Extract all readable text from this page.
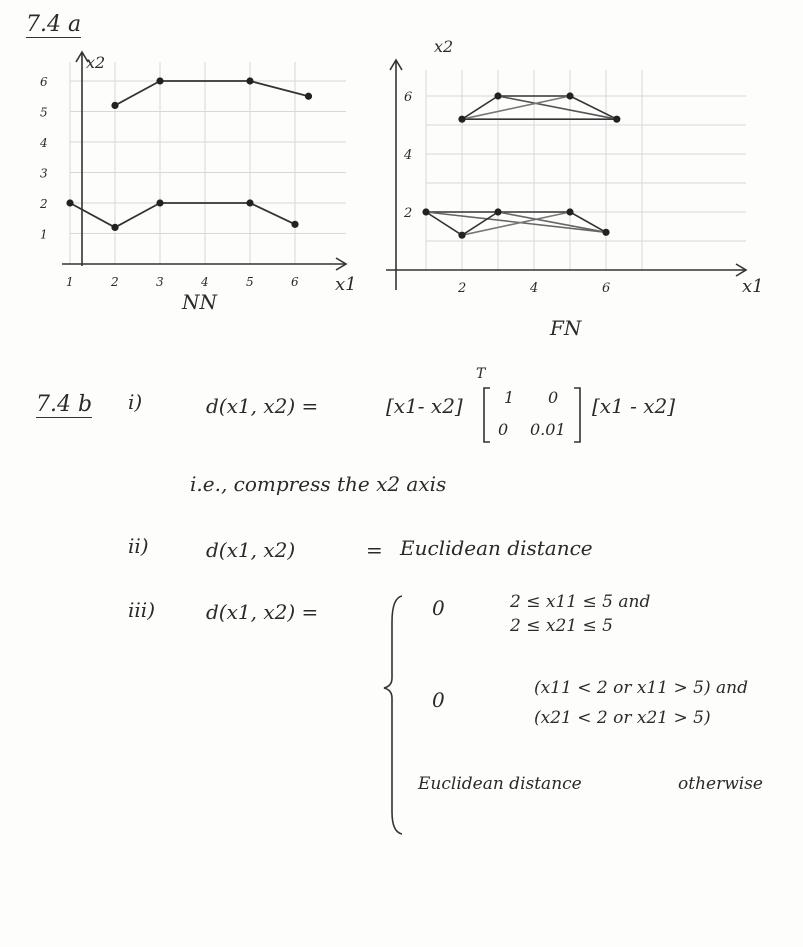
7.4 a
1	2	3	4	5	6
1
2
3
4
5
6
x1
x2
2	4	6
2
4
6
x1
x2
NN
FN
7.4 b i)	d(x1, x2) =	[x1- x2]
T
1 0
0 0.01
[x1 - x2]
i.e., compress the x2 axis
ii)	d(x1, x2)	= Euclidean distance
iii)	d(x1, x2) =	0	2 ≤ x11 ≤ 5 and
2 ≤ x21 ≤ 5
0	(x11 < 2 or x11 > 5) and
(x21 < 2 or x21 > 5)
Euclidean distance	otherwise
